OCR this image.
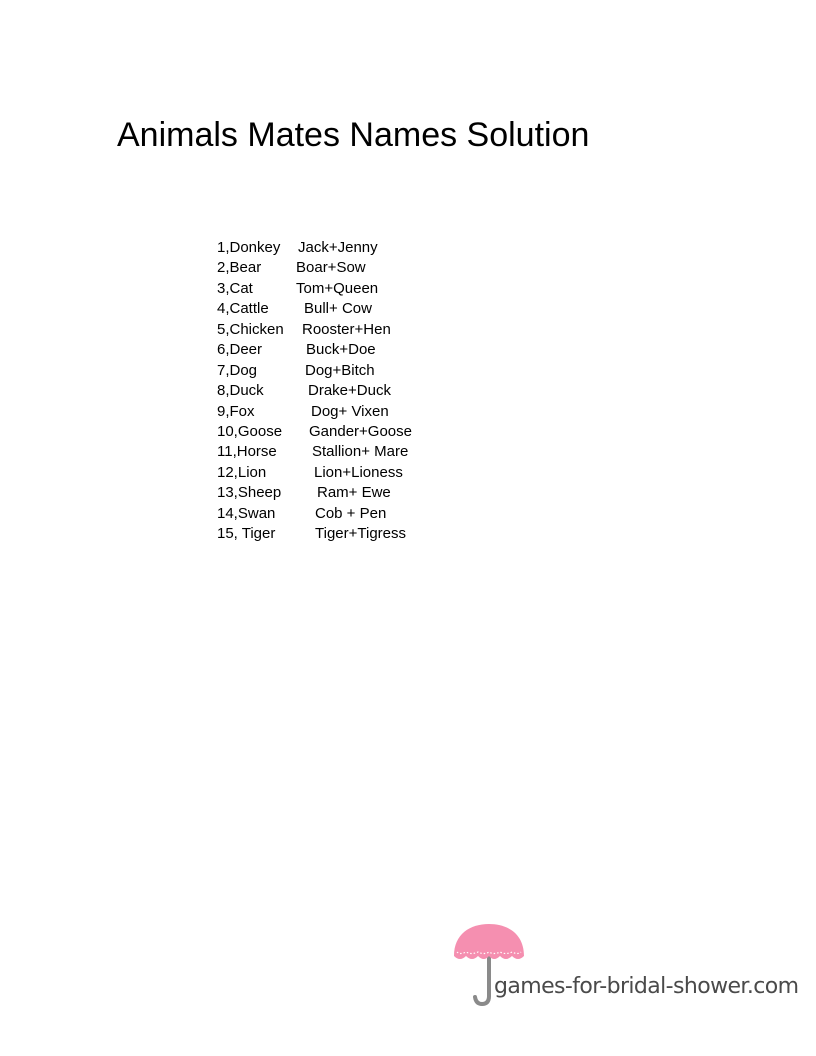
Animals Mates Names Solution
1,Donkey Jack+Jenny
2,Bear Boar+Sow
3,Cat	Tom+Queen
4,Cattle Bull+ Cow
5,Chicken Rooster+Hen
6,Deer	Buck+Doe
7,Dog	Dog+Bitch
8,Duck	Drake+Duck
9,Fox	Dog+ Vixen
10,Goose Gander+Goose
11,Horse Stallion+ Mare
12,Lion	Lion+Lioness
13,Sheep Ram+ Ewe
14,Swan	Cob + Pen
15, Tiger	Tiger+Tigress
games-for-bridal-shower.com
